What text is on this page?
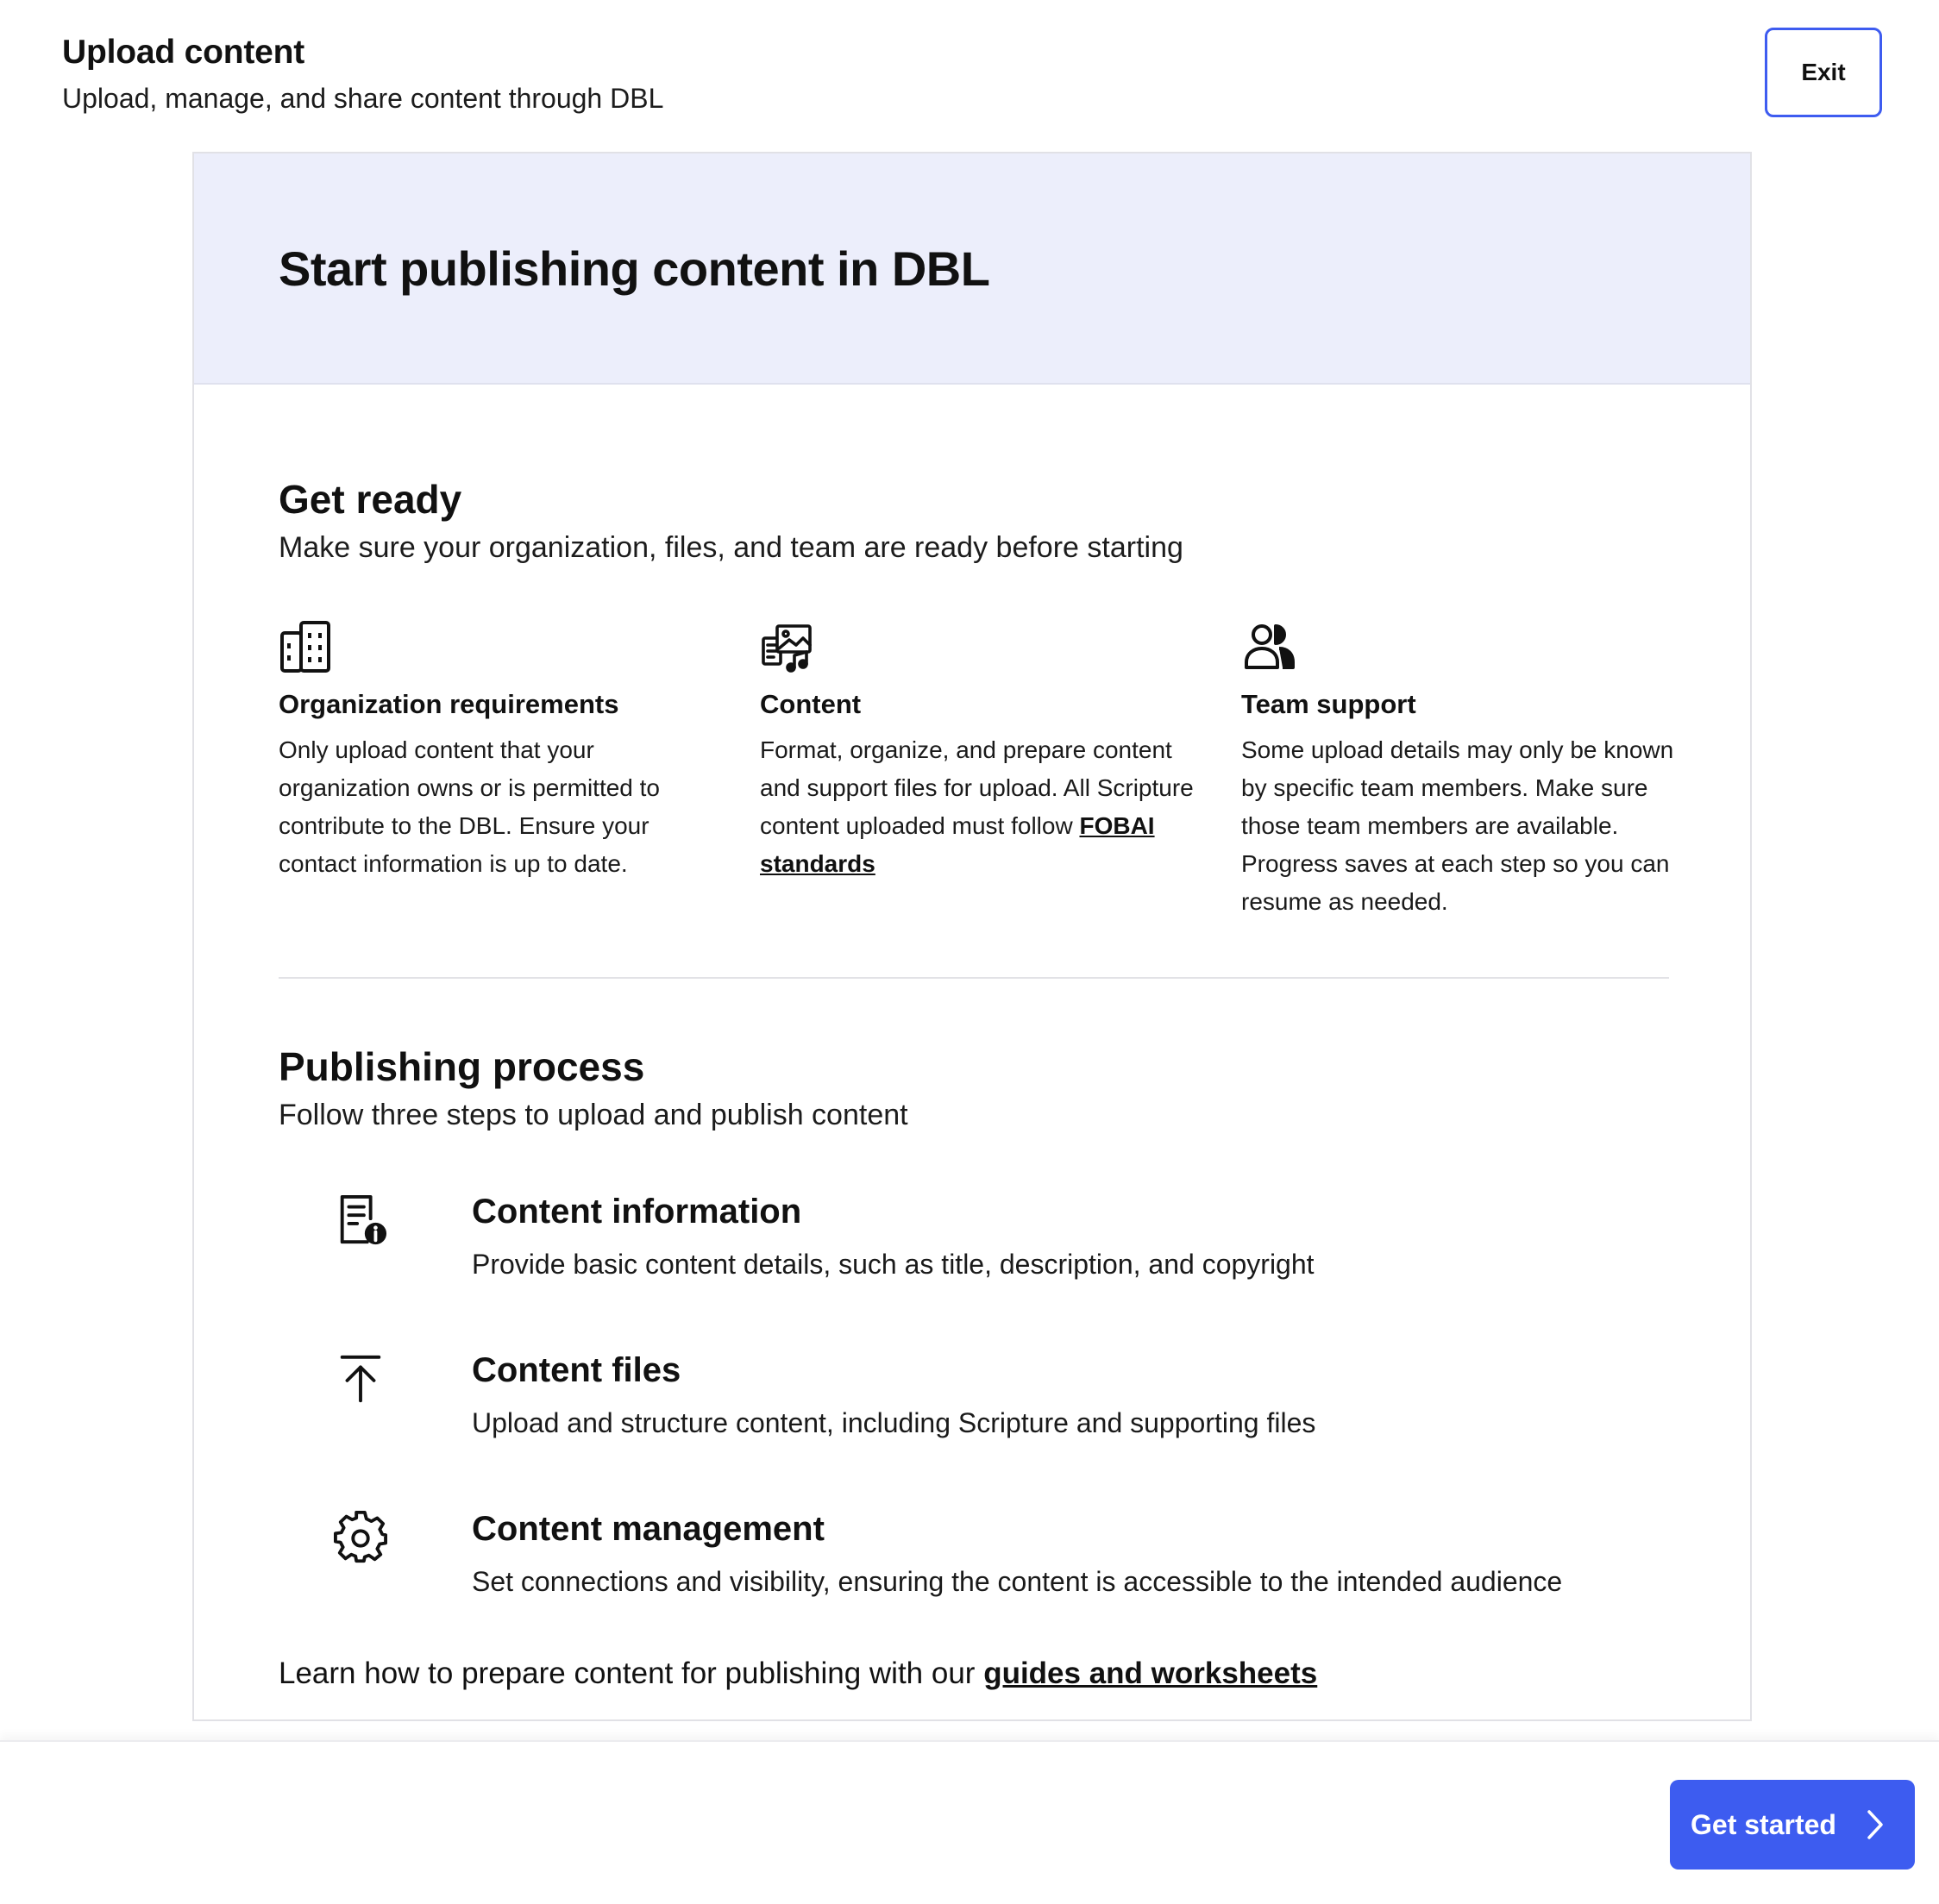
Upload content
Upload, manage, and share content through DBL
Exit
Start publishing content in DBL
Get ready
Make sure your organization, files, and team are ready before starting
Organization requirements

Only upload content that your organization owns or is permitted to contribute to the DBL. Ensure your contact information is up to date.

Content

Format, organize, and prepare content and support files for upload. All Scripture content uploaded must follow FOBAI standards

Team support

Some upload details may only be known by specific team members. Make sure those team members are available. Progress saves at each step so you can resume as needed.

Publishing process
Follow three steps to upload and publish content
Content information

Provide basic content details, such as title, description, and copyright

Content files

Upload and structure content, including Scripture and supporting files

Content management

Set connections and visibility, ensuring the content is accessible to the intended audience

Learn how to prepare content for publishing with our guides and worksheets
Get started
